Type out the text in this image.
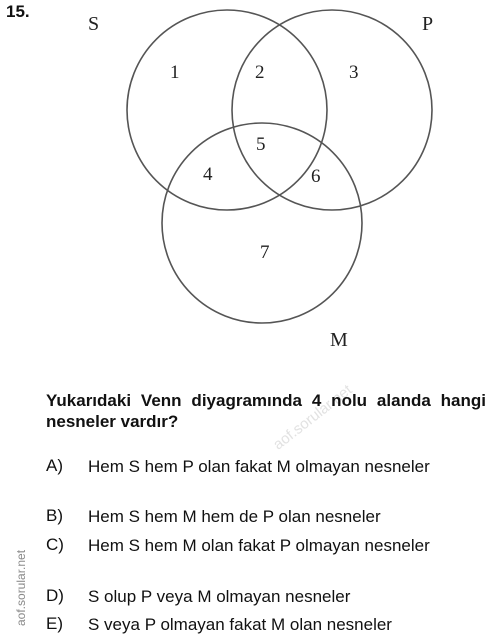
15.
S	P
M
1	2	3
4
5
6
7
aof.sorular.net
Yukarıdaki Venn diyagramında 4 nolu alanda hangi nesneler vardır?
A)	Hem S hem P olan fakat M olmayan nesneler
B)	Hem S hem M hem de P olan nesneler
C)	Hem S hem M olan fakat P olmayan nesneler
D)	S olup P veya M olmayan nesneler
E)	S veya P olmayan fakat M olan nesneler
aof.sorular.net
